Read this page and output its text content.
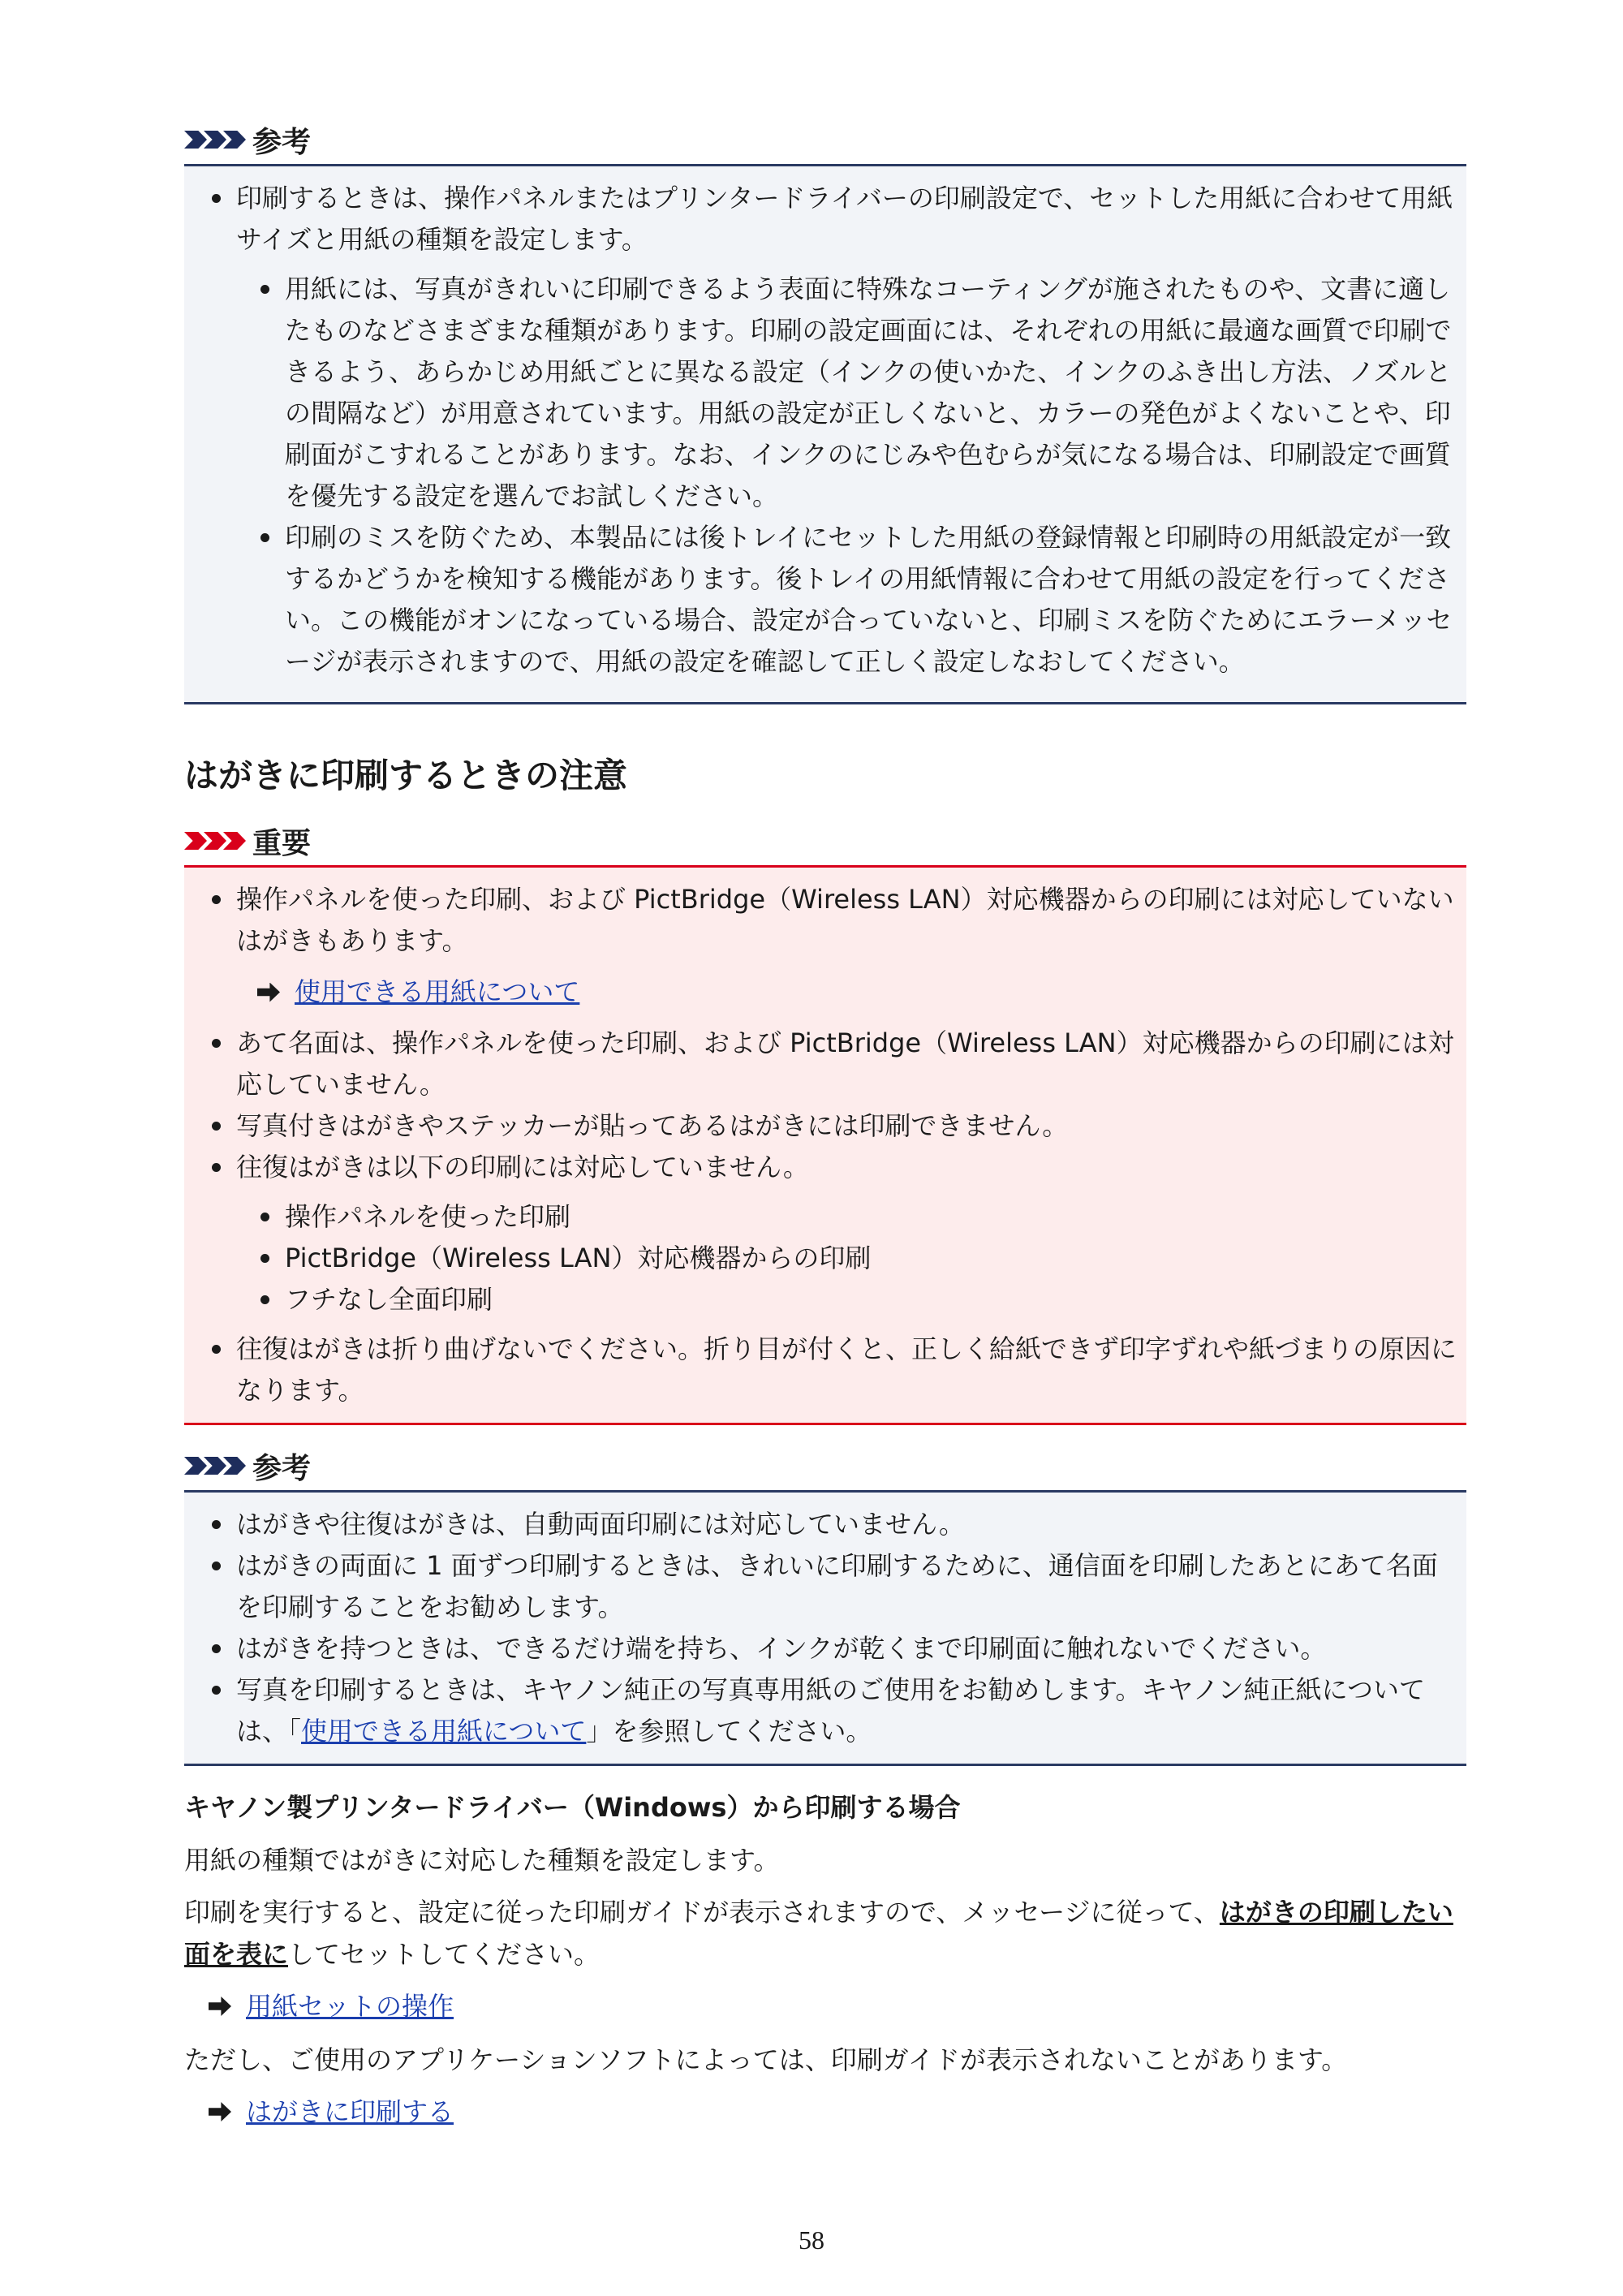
参考
印刷するときは、操作パネルまたはプリンタードライバーの印刷設定で、セットした用紙に合わせて用紙サイズと用紙の種類を設定します。
用紙には、写真がきれいに印刷できるよう表面に特殊なコーティングが施されたものや、文書に適したものなどさまざまな種類があります。印刷の設定画面には、それぞれの用紙に最適な画質で印刷できるよう、あらかじめ用紙ごとに異なる設定（インクの使いかた、インクのふき出し方法、ノズルとの間隔など）が用意されています。用紙の設定が正しくないと、カラーの発色がよくないことや、印刷面がこすれることがあります。なお、インクのにじみや色むらが気になる場合は、印刷設定で画質を優先する設定を選んでお試しください。
印刷のミスを防ぐため、本製品には後トレイにセットした用紙の登録情報と印刷時の用紙設定が一致するかどうかを検知する機能があります。後トレイの用紙情報に合わせて用紙の設定を行ってください。この機能がオンになっている場合、設定が合っていないと、印刷ミスを防ぐためにエラーメッセージが表示されますので、用紙の設定を確認して正しく設定しなおしてください。
はがきに印刷するときの注意
重要
操作パネルを使った印刷、および PictBridge（Wireless LAN）対応機器からの印刷には対応していないはがきもあります。
使用できる用紙について
あて名面は、操作パネルを使った印刷、および PictBridge（Wireless LAN）対応機器からの印刷には対応していません。
写真付きはがきやステッカーが貼ってあるはがきには印刷できません。
往復はがきは以下の印刷には対応していません。
操作パネルを使った印刷
PictBridge（Wireless LAN）対応機器からの印刷
フチなし全面印刷
往復はがきは折り曲げないでください。折り目が付くと、正しく給紙できず印字ずれや紙づまりの原因になります。
参考
はがきや往復はがきは、自動両面印刷には対応していません。
はがきの両面に 1 面ずつ印刷するときは、きれいに印刷するために、通信面を印刷したあとにあて名面を印刷することをお勧めします。
はがきを持つときは、できるだけ端を持ち、インクが乾くまで印刷面に触れないでください。
写真を印刷するときは、キヤノン純正の写真専用紙のご使用をお勧めします。キヤノン純正紙については、「使用できる用紙について」を参照してください。
キヤノン製プリンタードライバー（Windows）から印刷する場合

用紙の種類ではがきに対応した種類を設定します。

印刷を実行すると、設定に従った印刷ガイドが表示されますので、メッセージに従って、はがきの印刷したい面を表にしてセットしてください。

用紙セットの操作

ただし、ご使用のアプリケーションソフトによっては、印刷ガイドが表示されないことがあります。

はがきに印刷する
58
